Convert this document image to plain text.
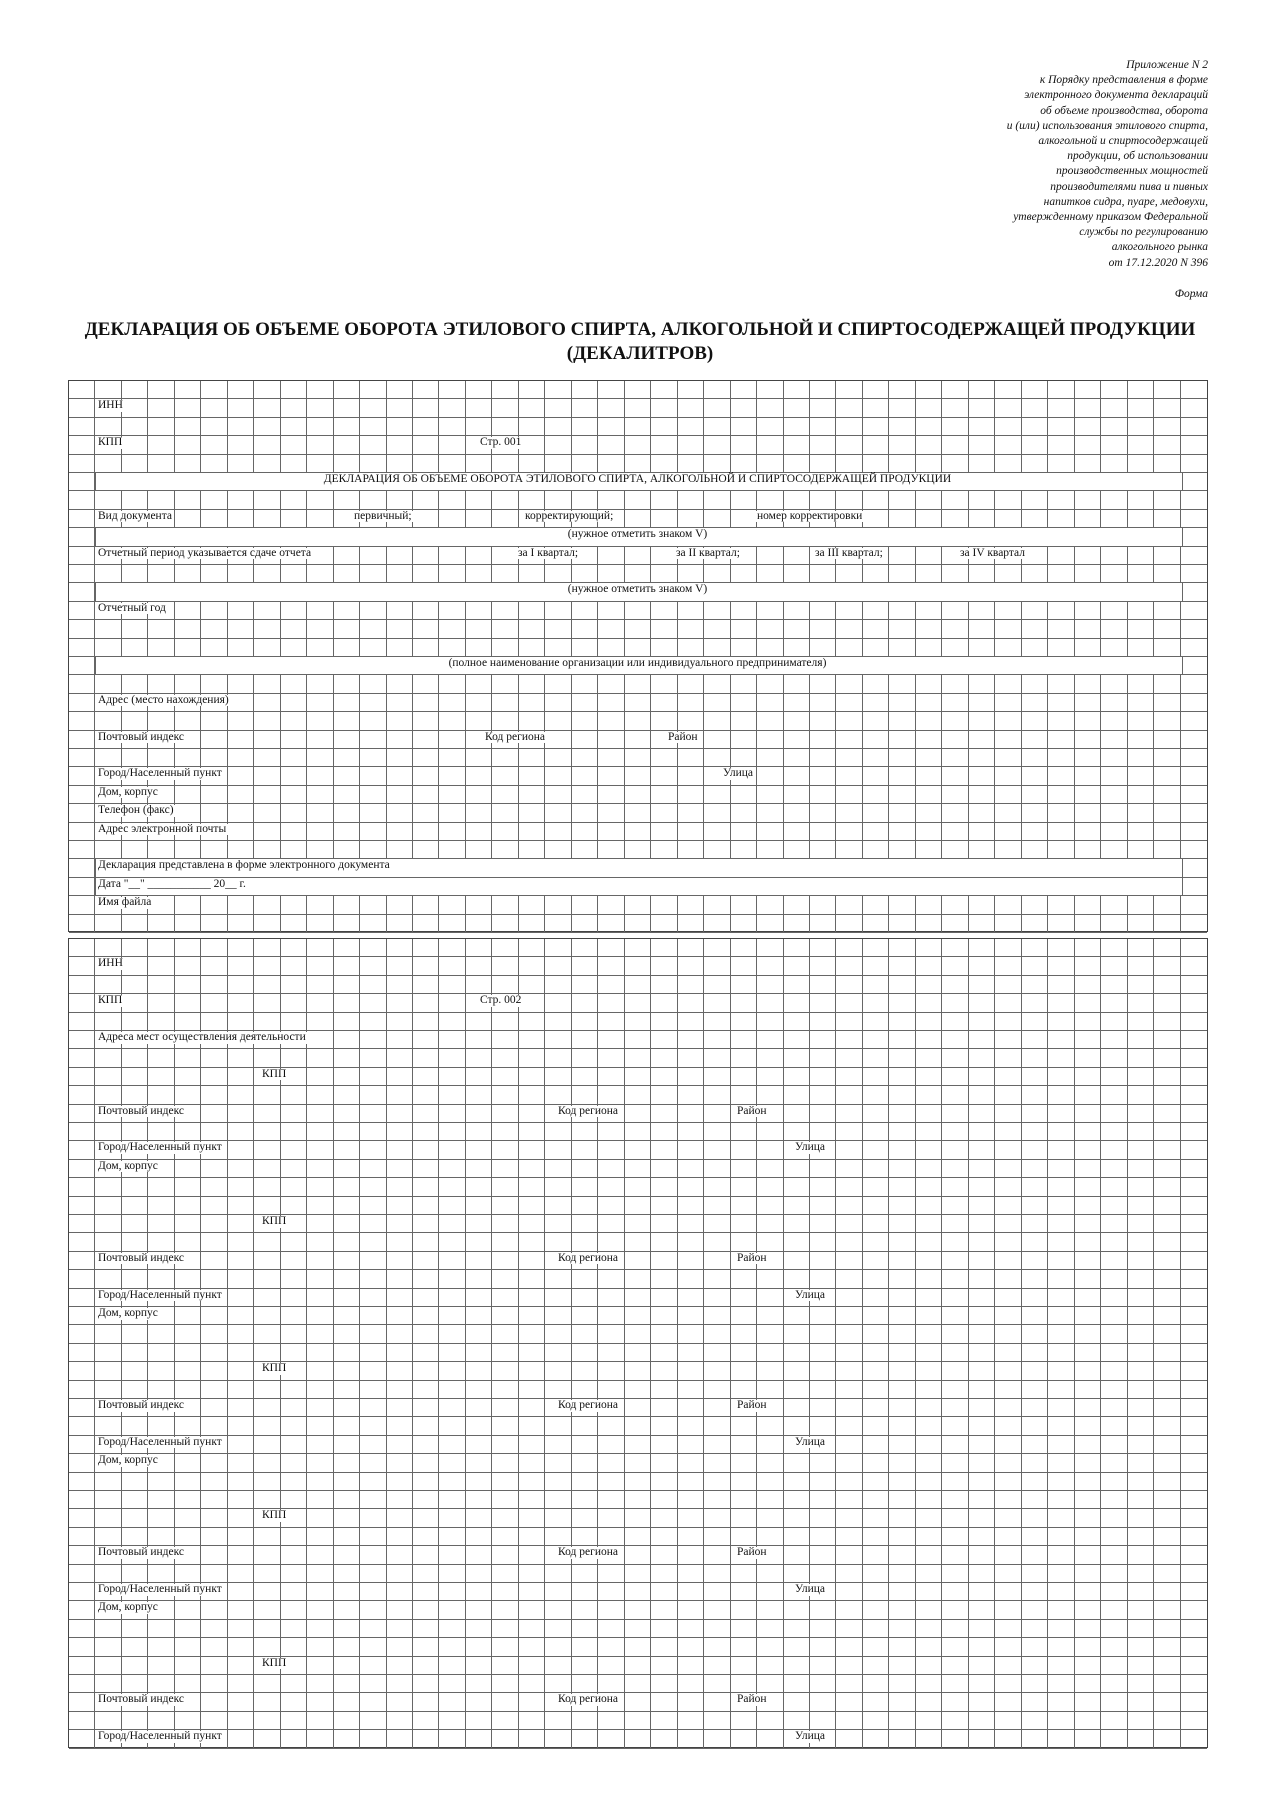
Приложение N 2
к Порядку представления в форме
электронного документа деклараций
об объеме производства, оборота
и (или) использования этилового спирта,
алкогольной и спиртосодержащей
продукции, об использовании
производственных мощностей
производителями пива и пивных
напитков сидра, пуаре, медовухи,
утвержденному приказом Федеральной
службы по регулированию
алкогольного рынка
от 17.12.2020 N 396
Форма
ДЕКЛАРАЦИЯ ОБ ОБЪЕМЕ ОБОРОТА ЭТИЛОВОГО СПИРТА, АЛКОГОЛЬНОЙ И СПИРТОСОДЕРЖАЩЕЙ ПРОДУКЦИИ (ДЕКАЛИТРОВ)
ИНН
КПП	Стр. 001
ДЕКЛАРАЦИЯ ОБ ОБЪЕМЕ ОБОРОТА ЭТИЛОВОГО СПИРТА, АЛКОГОЛЬНОЙ И СПИРТОСОДЕРЖАЩЕЙ ПРОДУКЦИИ
Вид документа	первичный;	корректирующий;	номер корректировки
(нужное отметить знаком V)
Отчетный период указывается сдаче отчета	за I квартал;	за II квартал;	за III квартал;	за IV квартал
(нужное отметить знаком V)
Отчетный год
(полное наименование организации или индивидуального предпринимателя)
Адрес (место нахождения)
Почтовый индекс	Код региона	Район
Город/Населенный пункт	Улица
Дом, корпус
Телефон (факс)
Адрес электронной почты
Декларация представлена в форме электронного документа
Дата "__" ___________ 20__ г.
Имя файла
ИНН
КПП	Стр. 002
Адреса мест осуществления деятельности
КПП
Почтовый индекс	Код региона	Район
Город/Населенный пункт	Улица
Дом, корпус
КПП
Почтовый индекс	Код региона	Район
Город/Населенный пункт	Улица
Дом, корпус
КПП
Почтовый индекс	Код региона	Район
Город/Населенный пункт	Улица
Дом, корпус
КПП
Почтовый индекс	Код региона	Район
Город/Населенный пункт	Улица
Дом, корпус
КПП
Почтовый индекс	Код региона	Район
Город/Населенный пункт	Улица
